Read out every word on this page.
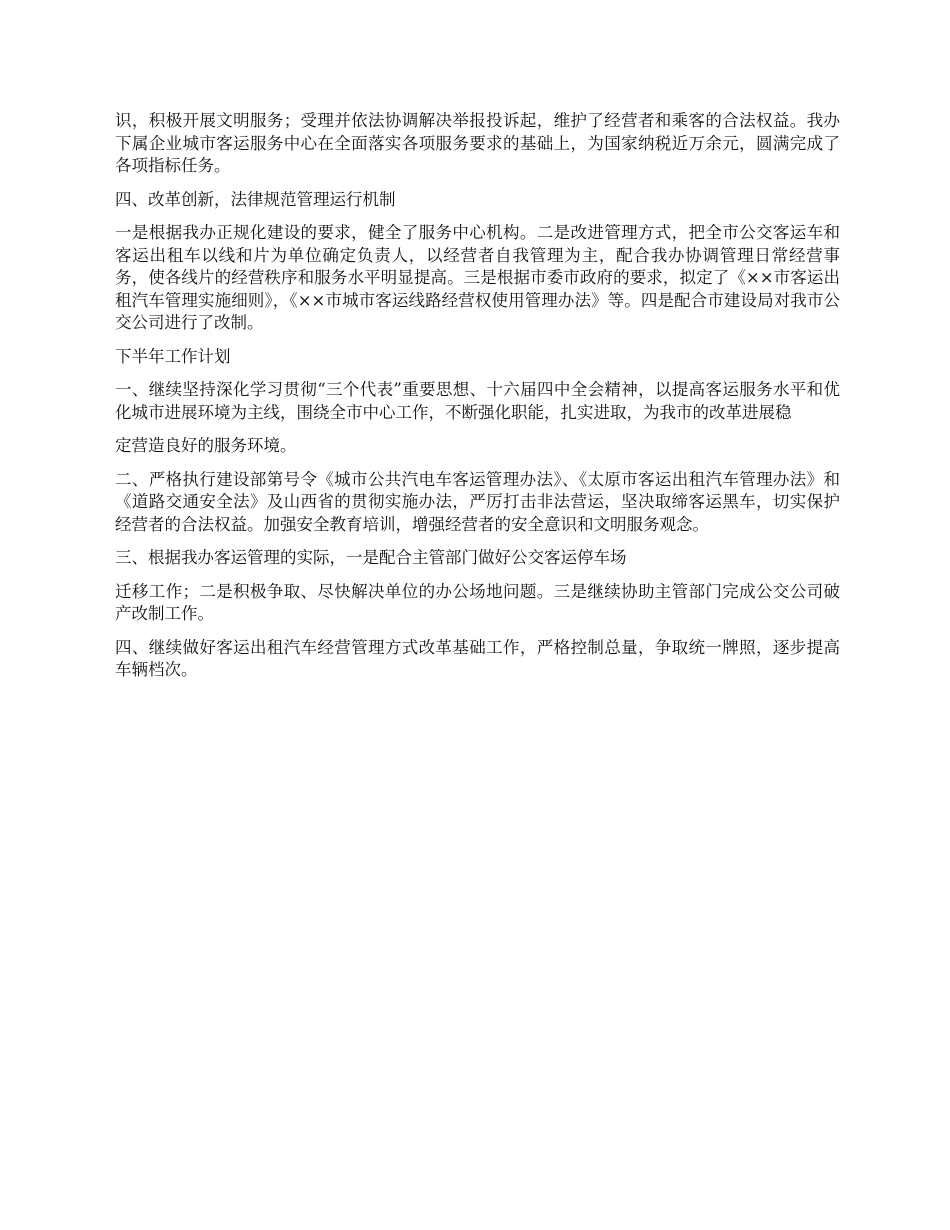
识，积极开展文明服务；受理并依法协调解决举报投诉起，维护了经营者和乘客的合法权益。我办下属企业城市客运服务中心在全面落实各项服务要求的基础上，为国家纳税近万余元，圆满完成了各项指标任务。

四、改革创新，法律规范管理运行机制

一是根据我办正规化建设的要求，健全了服务中心机构。二是改进管理方式，把全市公交客运车和客运出租车以线和片为单位确定负责人，以经营者自我管理为主，配合我办协调管理日常经营事务，使各线片的经营秩序和服务水平明显提高。三是根据市委市政府的要求，拟定了《××市客运出租汽车管理实施细则》，《××市城市客运线路经营权使用管理办法》等。四是配合市建设局对我市公交公司进行了改制。

下半年工作计划

一、继续坚持深化学习贯彻“三个代表”重要思想、十六届四中全会精神，以提高客运服务水平和优化城市进展环境为主线，围绕全市中心工作，不断强化职能，扎实进取，为我市的改革进展稳

定营造良好的服务环境。

二、严格执行建设部第号令《城市公共汽电车客运管理办法》、《太原市客运出租汽车管理办法》和《道路交通安全法》及山西省的贯彻实施办法，严厉打击非法营运，坚决取缔客运黑车，切实保护经营者的合法权益。加强安全教育培训，增强经营者的安全意识和文明服务观念。

三、根据我办客运管理的实际，一是配合主管部门做好公交客运停车场

迁移工作；二是积极争取、尽快解决单位的办公场地问题。三是继续协助主管部门完成公交公司破产改制工作。

四、继续做好客运出租汽车经营管理方式改革基础工作，严格控制总量，争取统一牌照，逐步提高车辆档次。
